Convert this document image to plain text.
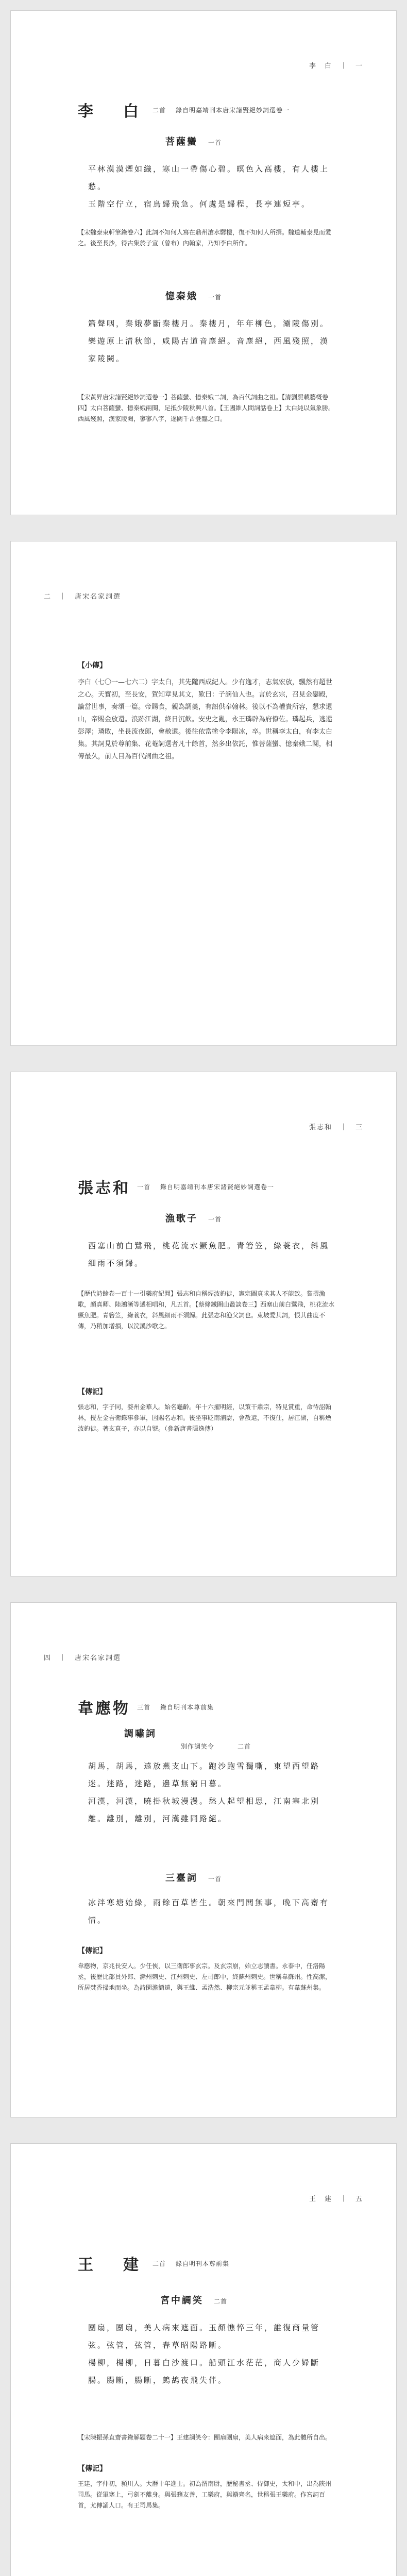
李　白　｜　一
李　白 二首 錄自明嘉靖刊本唐宋諸賢絕妙詞選卷一
菩薩蠻 一首
平林漠漠煙如織，寒山一帶傷心碧。暝色入高樓，有人樓上愁。
玉階空佇立，宿鳥歸飛急。何處是歸程，長亭連短亭。
【宋魏泰東軒筆錄卷六】此詞不知何人寫在鼎州滄水驛樓，復不知何人所撰。魏道輔泰見而愛之。後至長沙，得古集於子宣（曾布）內翰家，乃知李白所作。
憶秦娥 一首
簫聲咽，秦娥夢斷秦樓月。秦樓月，年年柳色，灞陵傷別。
樂遊原上清秋節，咸陽古道音塵絕。音塵絕，西風殘照，漢家陵闕。
【宋黃昇唐宋諸賢絕妙詞選卷一】菩薩蠻、憶秦娥二詞，為百代詞曲之祖。【清劉熙載藝概卷四】太白菩薩蠻、憶秦娥兩闋，足抵少陵秋興八首。【王國維人間詞話卷上】太白純以氣象勝。西風殘照，漢家陵闕，寥寥八字，遂關千古登臨之口。
二　｜　唐宋名家詞選
【小傳】
李白（七〇一—七六二）字太白，其先隴西成紀人。少有逸才，志氣宏放，飄然有超世之心。天寶初，至長安，賀知章見其文，歎曰：子謫仙人也。言於玄宗，召見金鑾殿，論當世事，奏頌一篇。帝賜食，親為調羹，有詔供奉翰林。後以不為權貴所容，懇求還山，帝賜金放還。浪跡江湖，終日沉飲。安史之亂，永王璘辟為府僚佐。璘起兵，逃還彭澤；璘敗，坐長流夜郎，會赦還。後往依當塗令李陽冰，卒。世稱李太白，有李太白集。其詞見於尊前集、花菴詞選者凡十餘首，然多出依託，惟菩薩蠻、憶秦娥二闋，相傳最久，前人目為百代詞曲之祖。
張志和　｜　三
張志和 一首 錄自明嘉靖刊本唐宋諸賢絕妙詞選卷一
漁歌子 一首
西塞山前白鷺飛，桃花流水鱖魚肥。青箬笠，綠蓑衣，斜風細雨不須歸。
【歷代詩餘卷一百十一引樂府紀聞】張志和自稱煙波釣徒，憲宗圖真求其人不能致。嘗撰漁歌，顏真卿、陸鴻漸等遞相唱和，凡五首。【蔡條鐵圍山叢談卷三】西塞山前白鷺飛，桃花流水鱖魚肥。青箬笠，綠蓑衣，斜風細雨不須歸。此張志和漁父詞也。東坡愛其詞，恨其曲度不傳，乃稍加增損，以浣溪沙歌之。
【傳記】
張志和，字子同，婺州金華人。始名龜齡。年十六擢明經，以策干肅宗，特見賞重，命待詔翰林，授左金吾衛錄事參軍，因賜名志和。後坐事貶南浦尉，會赦還，不復仕，居江湖，自稱煙波釣徒。著玄真子，亦以自號。（參新唐書隱逸傳）
四　｜　唐宋名家詞選
韋應物 三首 錄自明刊本尊前集
調嘯詞
別作調笑令	二首
胡馬，胡馬，遠放燕支山下。跑沙跑雪獨嘶，東望西望路迷。迷路，迷路，邊草無窮日暮。
河漢，河漢，曉掛秋城漫漫。愁人起望相思，江南塞北別離。離別，離別，河漢雖同路絕。
三臺詞 一首
冰泮寒塘始綠，雨餘百草皆生。朝來門閭無事，晚下高齋有情。
【傳記】
韋應物，京兆長安人。少任俠，以三衛郎事玄宗。及玄宗崩，始立志讀書。永泰中，任洛陽丞，後歷比部員外郎、滁州刺史、江州刺史、左司郎中，終蘇州刺史。世稱韋蘇州。性高潔，所居焚香掃地而坐。為詩閑澹簡遠，與王維、孟浩然、柳宗元並稱王孟韋柳。有韋蘇州集。
王　建　｜　五
王　建 二首 錄自明刊本尊前集
宮中調笑 二首
團扇，團扇，美人病來遮面。玉顏憔悴三年，誰復商量管弦。弦管，弦管，春草昭陽路斷。
楊柳，楊柳，日暮白沙渡口。船頭江水茫茫，商人少婦斷腸。腸斷，腸斷，鷓鴣夜飛失伴。
【宋陳振孫直齋書錄解題卷二十一】王建調笑令：團扇團扇，美人病來遮面，為此體所自出。
【傳記】
王建，字仲初，潁川人。大曆十年進士。初為渭南尉，歷秘書丞、侍御史，太和中，出為陝州司馬。從軍塞上，弓劍不離身。與張籍友善，工樂府，與籍齊名，世稱張王樂府。作宮詞百首，尤傳誦人口。有王司馬集。
